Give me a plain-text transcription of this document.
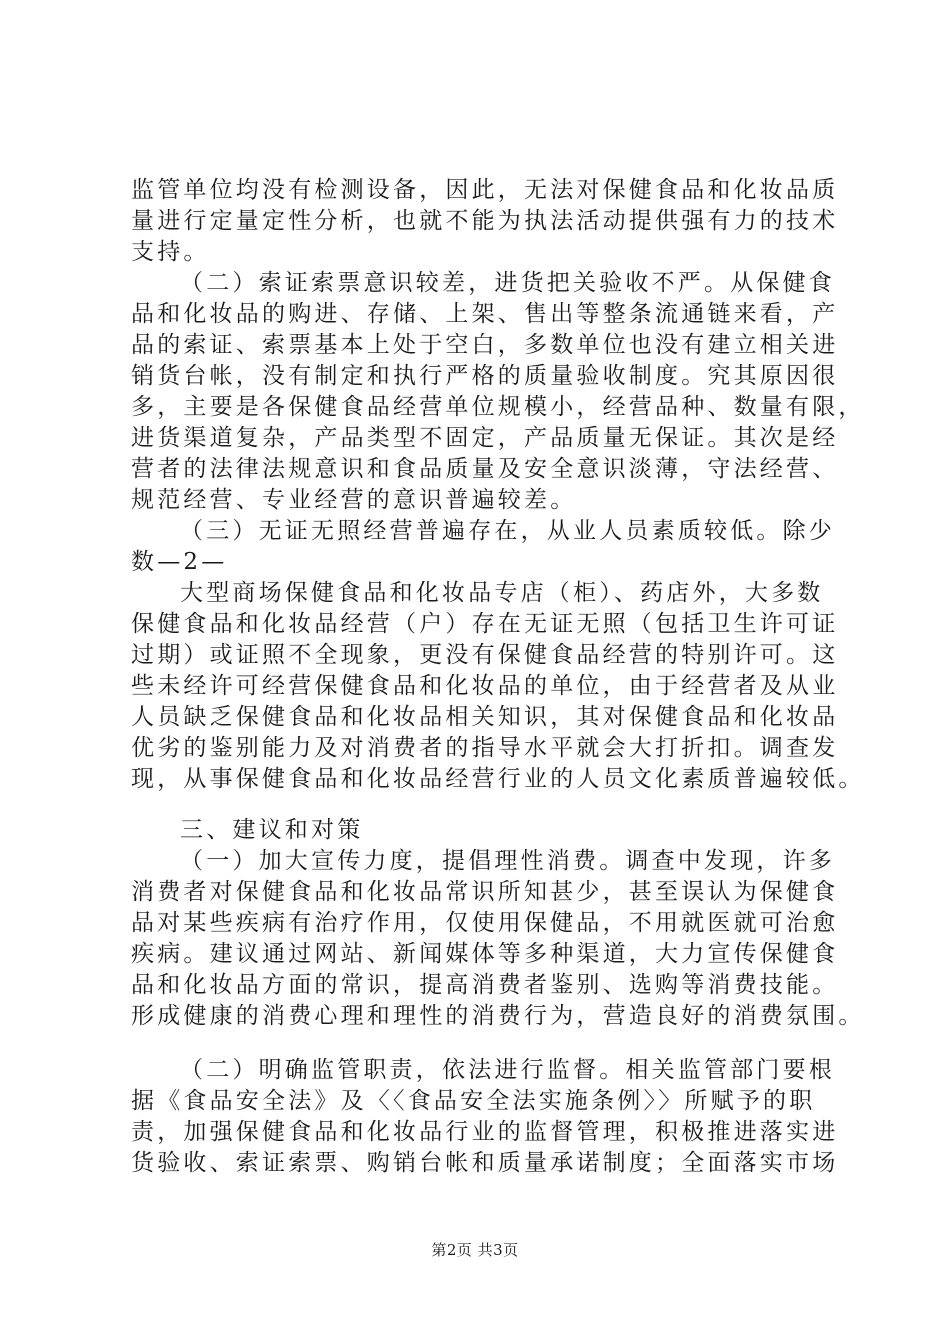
监管单位均没有检测设备，因此，无法对保健食品和化妆品质
量进行定量定性分析，也就不能为执法活动提供强有力的技术
支持。
（二）索证索票意识较差，进货把关验收不严。从保健食
品和化妆品的购进、存储、上架、售出等整条流通链来看，产
品的索证、索票基本上处于空白，多数单位也没有建立相关进
销货台帐，没有制定和执行严格的质量验收制度。究其原因很
多，主要是各保健食品经营单位规模小，经营品种、数量有限，
进货渠道复杂，产品类型不固定，产品质量无保证。其次是经
营者的法律法规意识和食品质量及安全意识淡薄，守法经营、
规范经营、专业经营的意识普遍较差。
（三）无证无照经营普遍存在，从业人员素质较低。除少
数—2—
大型商场保健食品和化妆品专店（柜）、药店外，大多数
保健食品和化妆品经营（户）存在无证无照（包括卫生许可证
过期）或证照不全现象，更没有保健食品经营的特别许可。这
些未经许可经营保健食品和化妆品的单位，由于经营者及从业
人员缺乏保健食品和化妆品相关知识，其对保健食品和化妆品
优劣的鉴别能力及对消费者的指导水平就会大打折扣。调查发
现，从事保健食品和化妆品经营行业的人员文化素质普遍较低。
三、建议和对策
（一）加大宣传力度，提倡理性消费。调查中发现，许多
消费者对保健食品和化妆品常识所知甚少，甚至误认为保健食
品对某些疾病有治疗作用，仅使用保健品，不用就医就可治愈
疾病。建议通过网站、新闻媒体等多种渠道，大力宣传保健食
品和化妆品方面的常识，提高消费者鉴别、选购等消费技能。
形成健康的消费心理和理性的消费行为，营造良好的消费氛围。
（二）明确监管职责，依法进行监督。相关监管部门要根
据《食品安全法》及〈〈食品安全法实施条例〉〉所赋予的职
责，加强保健食品和化妆品行业的监督管理，积极推进落实进
货验收、索证索票、购销台帐和质量承诺制度；全面落实市场
第2页 共3页
